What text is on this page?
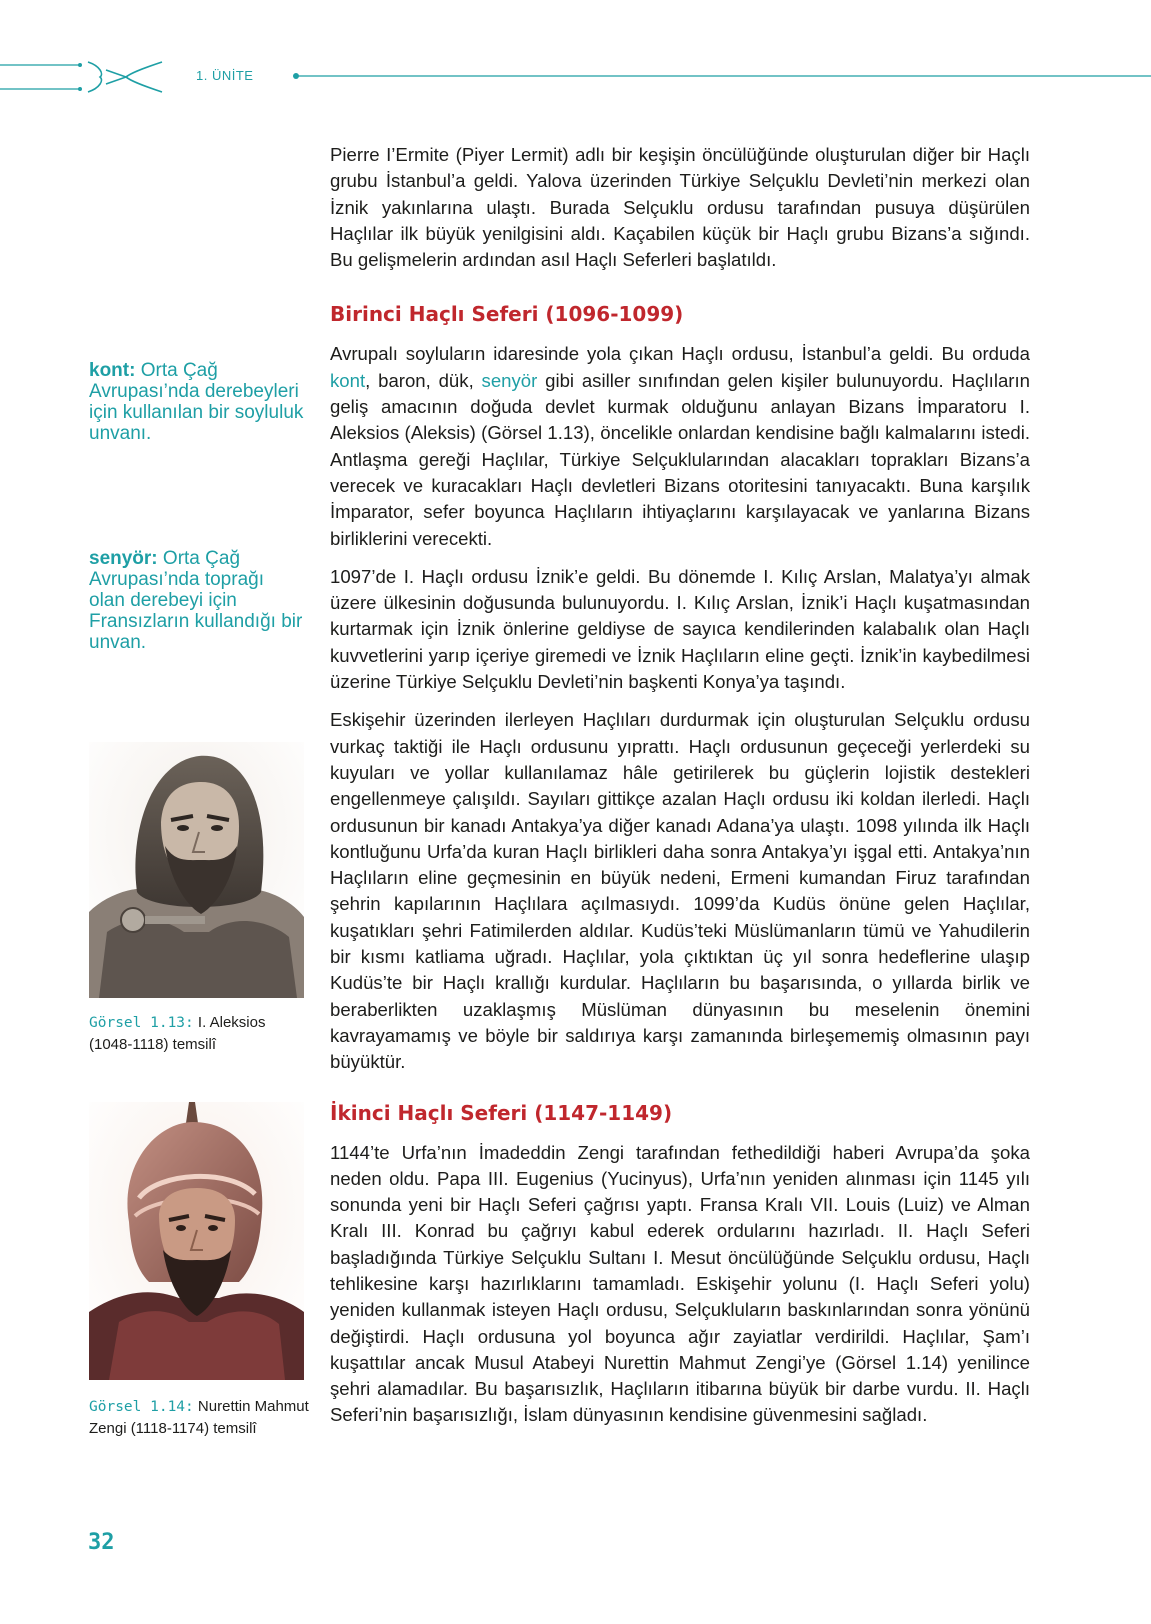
1. ÜNİTE

Pierre I’Ermite (Piyer Lermit) adlı bir keşişin öncülüğünde oluşturulan diğer bir Haçlı grubu İstanbul’a geldi. Yalova üzerinden Türkiye Selçuklu Devleti’nin merkezi olan İznik yakınlarına ulaştı. Burada Selçuklu ordusu tarafından pusuya düşürülen Haçlılar ilk büyük yenilgisini aldı. Kaçabilen küçük bir Haçlı grubu Bizans’a sığındı. Bu gelişmelerin ardından asıl Haçlı Seferleri başlatıldı.

Birinci Haçlı Seferi (1096-1099)

Avrupalı soyluların idaresinde yola çıkan Haçlı ordusu, İstanbul’a geldi. Bu orduda kont, baron, dük, senyör gibi asiller sınıfından gelen kişiler bulunuyordu. Haçlıların geliş amacının doğuda devlet kurmak olduğunu anlayan Bizans İmparatoru I. Aleksios (Aleksis) (Görsel 1.13), öncelikle onlardan kendisine bağlı kalmalarını istedi. Antlaşma gereği Haçlılar, Türkiye Selçuklularından alacakları toprakları Bizans’a verecek ve kuracakları Haçlı devletleri Bizans otoritesini tanıyacaktı. Buna karşılık İmparator, sefer boyunca Haçlıların ihtiyaçlarını karşılayacak ve yanlarına Bizans birliklerini verecekti.

1097’de I. Haçlı ordusu İznik’e geldi. Bu dönemde I. Kılıç Arslan, Malatya’yı almak üzere ülkesinin doğusunda bulunuyordu. I. Kılıç Arslan, İznik’i Haçlı kuşatmasından kurtarmak için İznik önlerine geldiyse de sayıca kendilerinden kalabalık olan Haçlı kuvvetlerini yarıp içeriye giremedi ve İznik Haçlıların eline geçti. İznik’in kaybedilmesi üzerine Türkiye Selçuklu Devleti’nin başkenti Konya’ya taşındı.

Eskişehir üzerinden ilerleyen Haçlıları durdurmak için oluşturulan Selçuklu ordusu vurkaç taktiği ile Haçlı ordusunu yıprattı. Haçlı ordusunun geçeceği yerlerdeki su kuyuları ve yollar kullanılamaz hâle getirilerek bu güçlerin lojistik destekleri engellenmeye çalışıldı. Sayıları gittikçe azalan Haçlı ordusu iki koldan ilerledi. Haçlı ordusunun bir kanadı Antakya’ya diğer kanadı Adana’ya ulaştı. 1098 yılında ilk Haçlı kontluğunu Urfa’da kuran Haçlı birlikleri daha sonra Antakya’yı işgal etti. Antakya’nın Haçlıların eline geçmesinin en büyük nedeni, Ermeni kumandan Firuz tarafından şehrin kapılarının Haçlılara açılmasıydı. 1099’da Kudüs önüne gelen Haçlılar, kuşatıkları şehri Fatimilerden aldılar. Kudüs’teki Müslümanların tümü ve Yahudilerin bir kısmı katliama uğradı. Haçlılar, yola çıktıktan üç yıl sonra hedeflerine ulaşıp Kudüs’te bir Haçlı krallığı kurdular. Haçlıların bu başarısında, o yıllarda birlik ve beraberlikten uzaklaşmış Müslüman dünyasının bu meselenin önemini kavrayamamış ve böyle bir saldırıya karşı zamanında birleşememiş olmasının payı büyüktür.

İkinci Haçlı Seferi (1147-1149)

1144’te Urfa’nın İmadeddin Zengi tarafından fethedildiği haberi Avrupa’da şoka neden oldu. Papa III. Eugenius (Yucinyus), Urfa’nın yeniden alınması için 1145 yılı sonunda yeni bir Haçlı Seferi çağrısı yaptı. Fransa Kralı VII. Louis (Luiz) ve Alman Kralı III. Konrad bu çağrıyı kabul ederek ordularını hazırladı. II. Haçlı Seferi başladığında Türkiye Selçuklu Sultanı I. Mesut öncülüğünde Selçuklu ordusu, Haçlı tehlikesine karşı hazırlıklarını tamamladı. Eskişehir yolunu (I. Haçlı Seferi yolu) yeniden kullanmak isteyen Haçlı ordusu, Selçukluların baskınlarından sonra yönünü değiştirdi. Haçlı ordusuna yol boyunca ağır zayiatlar verdirildi. Haçlılar, Şam’ı kuşattılar ancak Musul Atabeyi Nurettin Mahmut Zengi’ye (Görsel 1.14) yenilince şehri alamadılar. Bu başarısızlık, Haçlıların itibarına büyük bir darbe vurdu. II. Haçlı Seferi’nin başarısızlığı, İslam dünyasının kendisine güvenmesini sağladı.

kont: Orta Çağ Avrupası’nda derebeyleri için kullanılan bir soyluluk unvanı.
senyör: Orta Çağ Avrupası’nda toprağı olan derebeyi için Fransızların kullandığı bir unvan.
Görsel 1.13: I. Aleksios (1048-1118) temsilî
Görsel 1.14: Nurettin Mahmut Zengi (1118-1174) temsilî
32
